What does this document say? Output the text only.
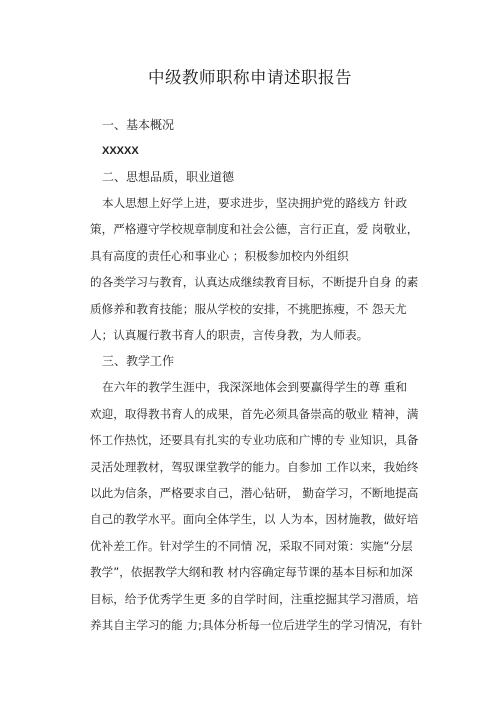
中级教师职称申请述职报告
一、基本概况
XXXXX
二、思想品质，职业道德
本人思想上好学上进，要求进步，坚决拥护党的路线方 针政
策，严格遵守学校规章制度和社会公德，言行正直，爱 岗敬业，
具有高度的责任心和事业心 ；积极参加校内外组织
的各类学习与教育，认真达成继续教育目标，不断提升自身 的素
质修养和教育技能；服从学校的安排，不挑肥拣瘦，不 怨天尤
人；认真履行教书育人的职责，言传身教，为人师表。
三、教学工作
在六年的教学生涯中，我深深地体会到要赢得学生的尊 重和
欢迎，取得教书育人的成果，首先必须具备崇高的敬业 精神，满
怀工作热忱，还要具有扎实的专业功底和广博的专 业知识，具备
灵活处理教材，驾驭课堂教学的能力。自参加 工作以来，我始终
以此为信条，严格要求自己，潜心钻研， 勤奋学习，不断地提高
自己的教学水平。面向全体学生，以 人为本，因材施教，做好培
优补差工作。针对学生的不同情 况，采取不同对策：实施“分层
教学”，依据教学大纲和教 材内容确定每节课的基本目标和加深
目标，给予优秀学生更 多的自学时间，注重挖掘其学习潜质，培
养其自主学习的能 力;具体分析每一位后进学生的学习情况，有针
